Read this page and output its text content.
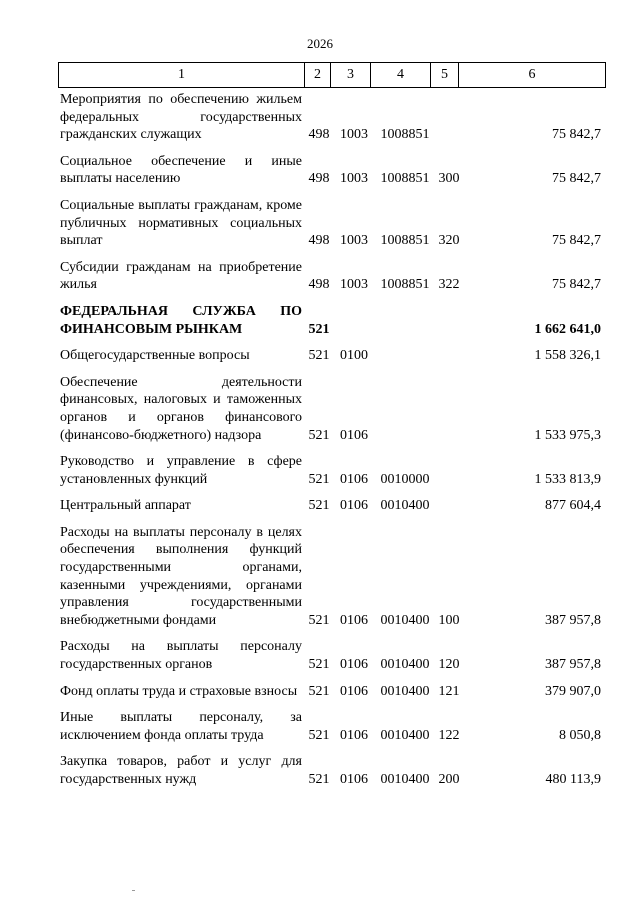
2026
1	2	3	4	5	6
Мероприятия по обеспечению жильем федеральных государственных гражданских служащих	498	1003	1008851		75 842,7
Социальное обеспечение и иные выплаты населению	498	1003	1008851	300	75 842,7
Социальные выплаты гражданам, кроме публичных нормативных социальных выплат	498	1003	1008851	320	75 842,7
Субсидии гражданам на приобретение жилья	498	1003	1008851	322	75 842,7
ФЕДЕРАЛЬНАЯ СЛУЖБА ПО ФИНАНСОВЫМ РЫНКАМ	521				1 662 641,0
Общегосударственные вопросы	521	0100			1 558 326,1
Обеспечение деятельности финансовых, налоговых и таможенных органов и органов финансового (финансово-бюджетного) надзора	521	0106			1 533 975,3
Руководство и управление в сфере установленных функций	521	0106	0010000		1 533 813,9
Центральный аппарат	521	0106	0010400		877 604,4
Расходы на выплаты персоналу в целях обеспечения выполнения функций государственными органами, казенными учреждениями, органами управления государственными внебюджетными фондами	521	0106	0010400	100	387 957,8
Расходы на выплаты персоналу государственных органов	521	0106	0010400	120	387 957,8
Фонд оплаты труда и страховые взносы	521	0106	0010400	121	379 907,0
Иные выплаты персоналу, за исключением фонда оплаты труда	521	0106	0010400	122	8 050,8
Закупка товаров, работ и услуг для государственных нужд	521	0106	0010400	200	480 113,9
